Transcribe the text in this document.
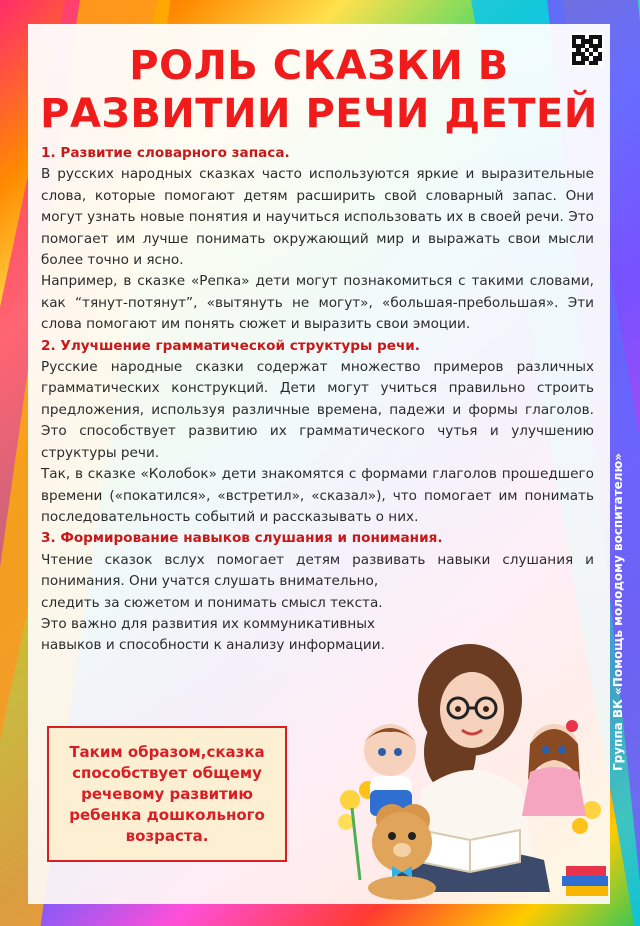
РОЛЬ СКАЗКИ В
РАЗВИТИИ РЕЧИ ДЕТЕЙ
1. Развитие словарного запаса.

В русских народных сказках часто используются яркие и выразительные слова, которые помогают детям расширить свой словарный запас. Они могут узнать новые понятия и научиться использовать их в своей речи. Это помогает им лучше понимать окружающий мир и выражать свои мысли более точно и ясно.

Например, в сказке «Репка» дети могут познакомиться с такими словами, как “тянут-потянут”, «вытянуть не могут», «большая-пребольшая». Эти слова помогают им понять сюжет и выразить свои эмоции.

2. Улучшение грамматической структуры речи.

Русские народные сказки содержат множество примеров различных грамматических конструкций. Дети могут учиться правильно строить предложения, используя различные времена, падежи и формы глаголов. Это способствует развитию их грамматического чутья и улучшению структуры речи.

Так, в сказке «Колобок» дети знакомятся с формами глаголов прошедшего времени («покатился», «встретил», «сказал»), что помогает им понимать последовательность событий и рассказывать о них.

3. Формирование навыков слушания и понимания.

Чтение сказок вслух помогает детям развивать навыки слушания и понимания. Они учатся слушать внимательно,

следить за сюжетом и понимать смысл текста.

Это важно для развития их коммуникативных

навыков и способности к анализу информации.

Таким образом,сказка способствует общему речевому развитию ребенка дошкольного возраста.
Группа ВК «Помощь молодому воспитателю»
